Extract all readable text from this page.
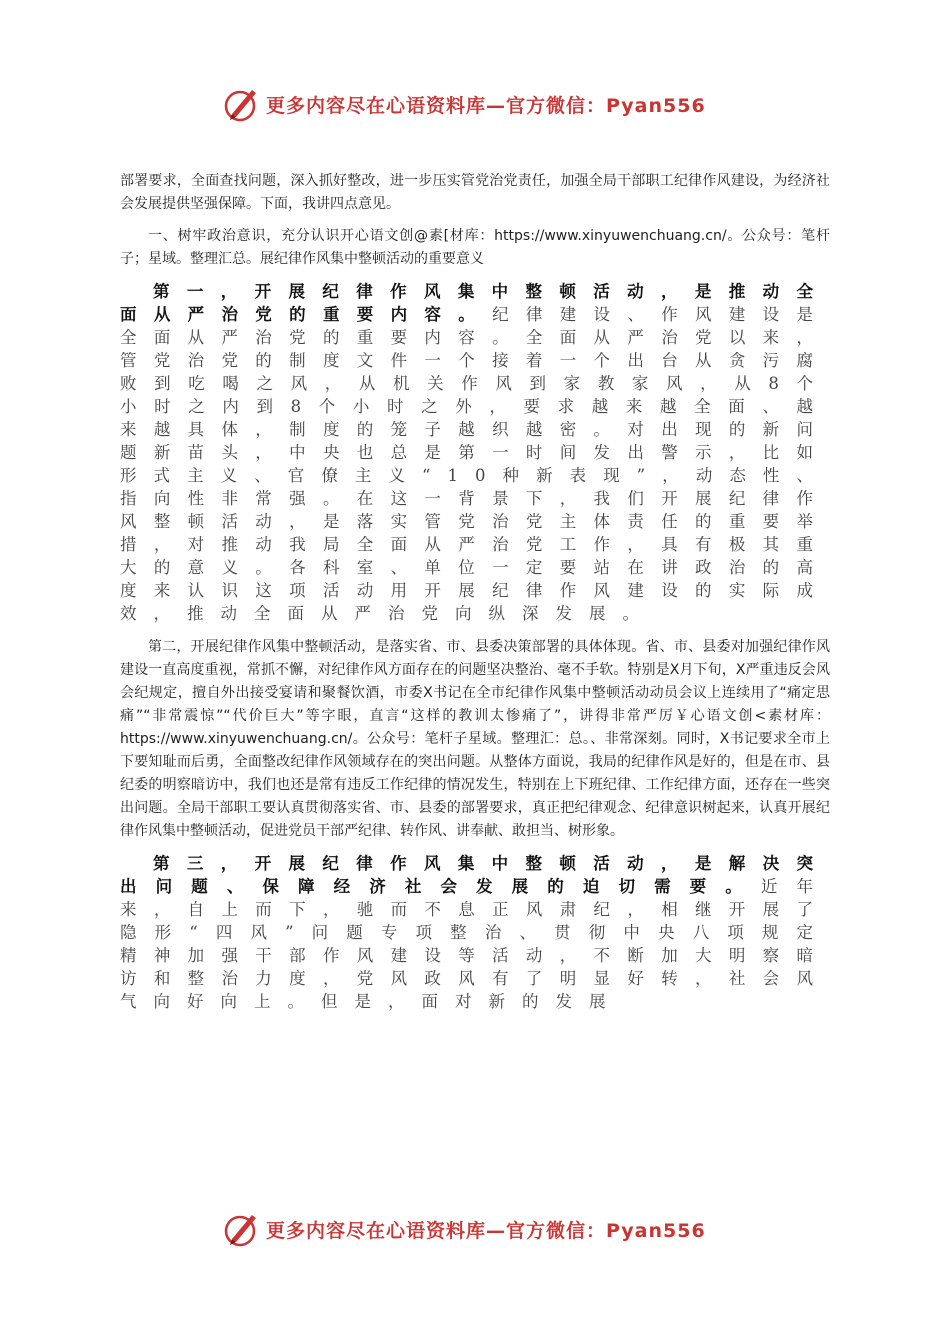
更多内容尽在心语资料库—官方微信：Pyan556

部署要求，全面查找问题，深入抓好整改，进一步压实管党治党责任，加强全局干部职工纪律作风建设，为经济社会发展提供坚强保障。下面，我讲四点意见。

一、树牢政治意识，充分认识开心语文创@素[材库：https://www.xinyuwenchuang.cn/。公众号：笔杆子；星域。整理汇总。展纪律作风集中整顿活动的重要意义

第一，开展纪律作风集中整顿活动，是推动全面从严治党的重要内容。纪律建设、作风建设是全面从严治党的重要内容。全面从严治党以来，管党治党的制度文件一个接着一个出台从贪污腐败到吃喝之风，从机关作风到家教家风，从8个小时之内到8个小时之外，要求越来越全面、越来越具体，制度的笼子越织越密。对出现的新问题新苗头，中央也总是第一时间发出警示，比如形式主义、官僚主义“10种新表现”，动态性、指向性非常强。在这一背景下，我们开展纪律作风整顿活动，是落实管党治党主体责任的重要举措，对推动我局全面从严治党工作，具有极其重大的意义。各科室、单位一定要站在讲政治的高度来认识这项活动用开展纪律作风建设的实际成效，推动全面从严治党向纵深发展。

第二，开展纪律作风集中整顿活动，是落实省、市、县委决策部署的具体体现。省、市、县委对加强纪律作风建设一直高度重视，常抓不懈，对纪律作风方面存在的问题坚决整治、毫不手软。特别是X月下旬，X严重违反会风会纪规定，擅自外出接受宴请和聚餐饮酒，市委X书记在全市纪律作风集中整顿活动动员会议上连续用了“痛定思痛”“非常震惊”“代价巨大”等字眼，直言“这样的教训太惨痛了”，讲得非常严厉￥心语文创<素材库：https://www.xinyuwenchuang.cn/。公众号：笔杆子星域。整理汇：总。、非常深刻。同时，X书记要求全市上下要知耻而后勇，全面整改纪律作风领域存在的突出问题。从整体方面说，我局的纪律作风是好的，但是在市、县纪委的明察暗访中，我们也还是常有违反工作纪律的情况发生，特别在上下班纪律、工作纪律方面，还存在一些突出问题。全局干部职工要认真贯彻落实省、市、县委的部署要求，真正把纪律观念、纪律意识树起来，认真开展纪律作风集中整顿活动，促进党员干部严纪律、转作风、讲奉献、敢担当、树形象。

第三，开展纪律作风集中整顿活动，是解决突出问题、保障经济社会发展的迫切需要。近年来，自上而下，驰而不息正风肃纪，相继开展了隐形“四风”问题专项整治、贯彻中央八项规定精神加强干部作风建设等活动，不断加大明察暗访和整治力度，党风政风有了明显好转，社会风气向好向上。但是，面对新的发展

更多内容尽在心语资料库—官方微信：Pyan556
